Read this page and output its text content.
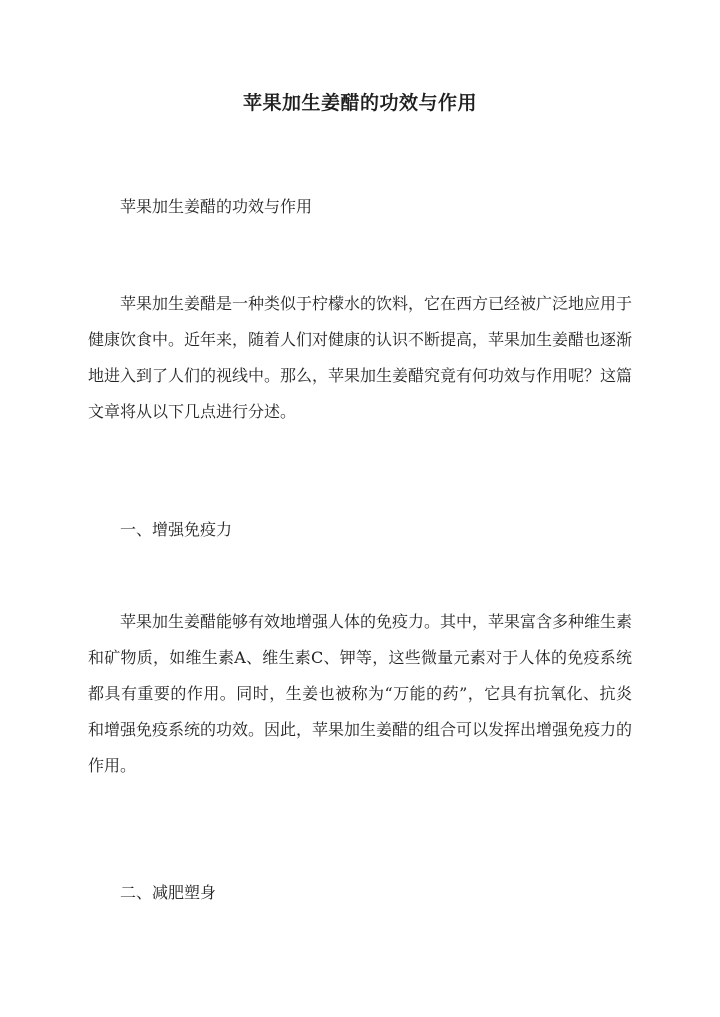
苹果加生姜醋的功效与作用

苹果加生姜醋的功效与作用

苹果加生姜醋是一种类似于柠檬水的饮料，它在西方已经被广泛地应用于健康饮食中。近年来，随着人们对健康的认识不断提高，苹果加生姜醋也逐渐地进入到了人们的视线中。那么，苹果加生姜醋究竟有何功效与作用呢？这篇文章将从以下几点进行分述。

一、增强免疫力

苹果加生姜醋能够有效地增强人体的免疫力。其中，苹果富含多种维生素和矿物质，如维生素A、维生素C、钾等，这些微量元素对于人体的免疫系统都具有重要的作用。同时，生姜也被称为“万能的药”，它具有抗氧化、抗炎和增强免疫系统的功效。因此，苹果加生姜醋的组合可以发挥出增强免疫力的作用。

二、减肥塑身
